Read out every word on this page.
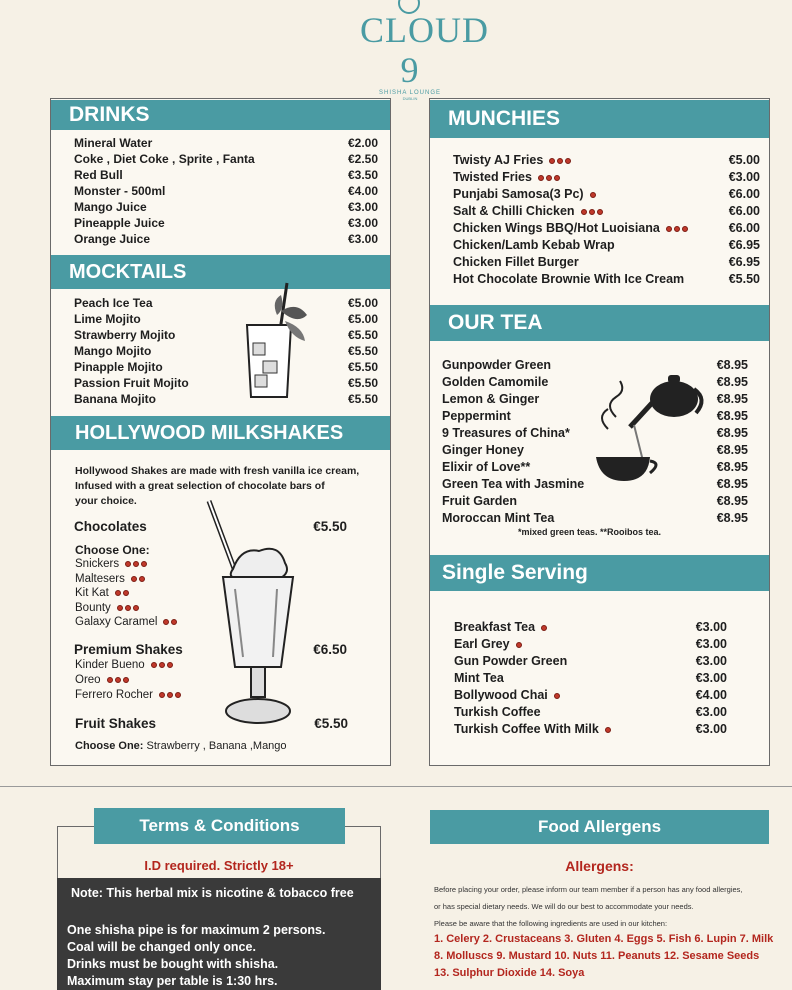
CLOUD 9
SHISHA LOUNGE
DUBLIN
DRINKS
Mineral Water	€2.00
Coke , Diet Coke , Sprite , Fanta	€2.50
Red Bull	€3.50
Monster - 500ml	€4.00
Mango Juice	€3.00
Pineapple Juice	€3.00
Orange Juice	€3.00
MOCKTAILS
Peach Ice Tea	€5.00
Lime Mojito	€5.00
Strawberry Mojito	€5.50
Mango Mojito	€5.50
Pinapple Mojito	€5.50
Passion Fruit Mojito	€5.50
Banana Mojito	€5.50
HOLLYWOOD MILKSHAKES
Hollywood Shakes are made with fresh vanilla ice cream,
Infused with a great selection of chocolate bars of
your choice.
Chocolates	€5.50
Choose One:
Snickers
Maltesers
Kit Kat
Bounty
Galaxy Caramel
Premium Shakes	€6.50
Kinder Bueno
Oreo
Ferrero Rocher
Fruit Shakes	€5.50
Choose One: Strawberry , Banana ,Mango
MUNCHIES
Twisty AJ Fries	€5.00
Twisted Fries	€3.00
Punjabi Samosa(3 Pc)	€6.00
Salt & Chilli Chicken	€6.00
Chicken Wings BBQ/Hot Luoisiana	€6.00
Chicken/Lamb Kebab Wrap	€6.95
Chicken Fillet Burger	€6.95
Hot Chocolate Brownie With Ice Cream	€5.50
OUR TEA
Gunpowder Green	€8.95
Golden Camomile	€8.95
Lemon & Ginger	€8.95
Peppermint	€8.95
9 Treasures of China*	€8.95
Ginger Honey	€8.95
Elixir of Love**	€8.95
Green Tea with Jasmine	€8.95
Fruit Garden	€8.95
Moroccan Mint Tea	€8.95
*mixed green teas. **Rooibos tea.
Single Serving
Breakfast Tea	€3.00
Earl Grey	€3.00
Gun Powder Green	€3.00
Mint Tea	€3.00
Bollywood Chai	€4.00
Turkish Coffee	€3.00
Turkish Coffee With Milk	€3.00
Terms & Conditions
I.D required. Strictly 18+
Note: This herbal mix is nicotine & tobacco free
One shisha pipe is for maximum 2 persons.
Coal will be changed only once.
Drinks must be bought with shisha.
Maximum stay per table is 1:30 hrs.
Food Allergens
Allergens:
Before placing your order, please inform our team member if a person has any food allergies,
or has special dietary needs. We will do our best to accommodate your needs.
Please be aware that the following ingredients are used in our kitchen:
1. Celery 2. Crustaceans 3. Gluten 4. Eggs 5. Fish 6. Lupin 7. Milk
8. Molluscs 9. Mustard 10. Nuts 11. Peanuts 12. Sesame Seeds
13. Sulphur Dioxide 14. Soya
